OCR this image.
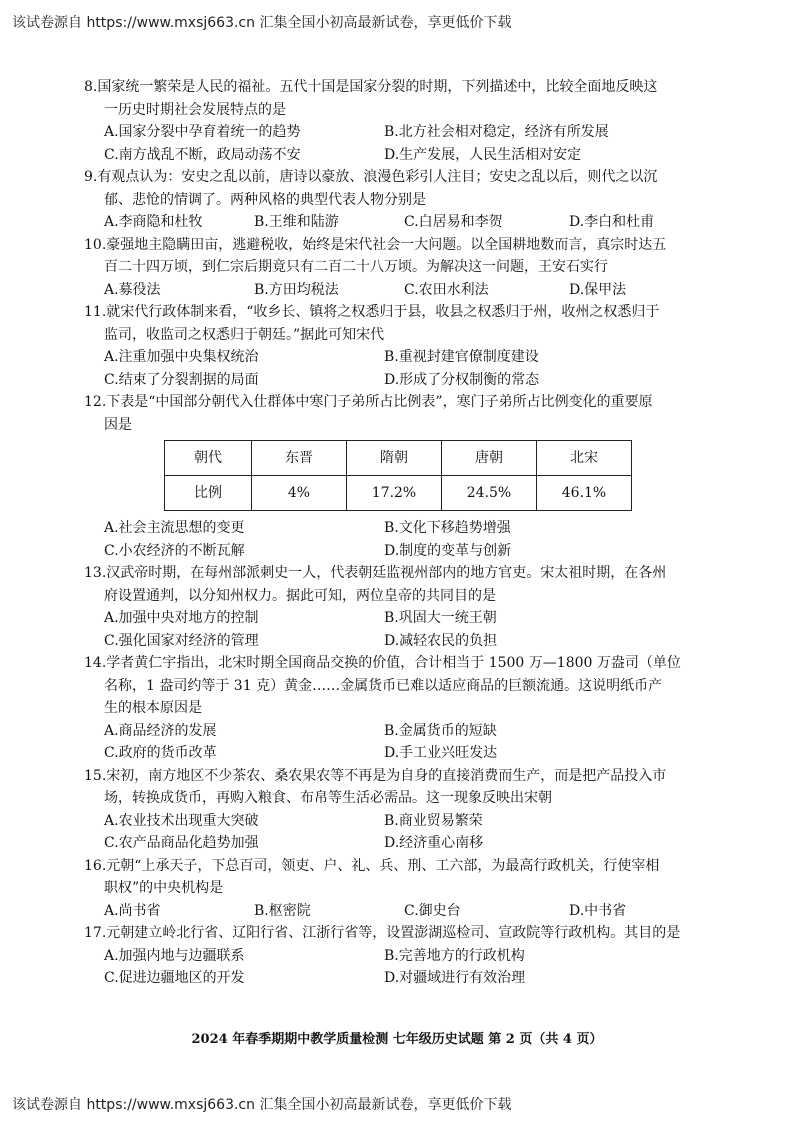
该试卷源自 https://www.mxsj663.cn 汇集全国小初高最新试卷，享更低价下载
8.国家统一繁荣是人民的福祉。五代十国是国家分裂的时期，下列描述中，比较全面地反映这
一历史时期社会发展特点的是
A.国家分裂中孕育着统一的趋势	B.北方社会相对稳定，经济有所发展
C.南方战乱不断，政局动荡不安	D.生产发展，人民生活相对安定
9.有观点认为：安史之乱以前，唐诗以豪放、浪漫色彩引人注目；安史之乱以后，则代之以沉
郁、悲怆的情调了。两种风格的典型代表人物分别是
A.李商隐和杜牧	B.王维和陆游	C.白居易和李贺	D.李白和杜甫
10.豪强地主隐瞒田亩，逃避税收，始终是宋代社会一大问题。以全国耕地数而言，真宗时达五
百二十四万顷，到仁宗后期竟只有二百二十八万顷。为解决这一问题，王安石实行
A.募役法	B.方田均税法	C.农田水利法	D.保甲法
11.就宋代行政体制来看，“收乡长、镇将之权悉归于县，收县之权悉归于州，收州之权悉归于
监司，收监司之权悉归于朝廷。”据此可知宋代
A.注重加强中央集权统治	B.重视封建官僚制度建设
C.结束了分裂割据的局面	D.形成了分权制衡的常态
12.下表是“中国部分朝代入仕群体中寒门子弟所占比例表”，寒门子弟所占比例变化的重要原
因是
朝代	东晋	隋朝	唐朝	北宋
比例	4%	17.2%	24.5%	46.1%
A.社会主流思想的变更	B.文化下移趋势增强
C.小农经济的不断瓦解	D.制度的变革与创新
13.汉武帝时期，在每州部派刺史一人，代表朝廷监视州部内的地方官吏。宋太祖时期，在各州
府设置通判，以分知州权力。据此可知，两位皇帝的共同目的是
A.加强中央对地方的控制	B.巩固大一统王朝
C.强化国家对经济的管理	D.减轻农民的负担
14.学者黄仁宇指出，北宋时期全国商品交换的价值，合计相当于 1500 万—1800 万盎司（单位
名称，1 盎司约等于 31 克）黄金……金属货币已难以适应商品的巨额流通。这说明纸币产
生的根本原因是
A.商品经济的发展	B.金属货币的短缺
C.政府的货币改革	D.手工业兴旺发达
15.宋初，南方地区不少茶农、桑农果农等不再是为自身的直接消费而生产，而是把产品投入市
场，转换成货币，再购入粮食、布帛等生活必需品。这一现象反映出宋朝
A.农业技术出现重大突破	B.商业贸易繁荣
C.农产品商品化趋势加强	D.经济重心南移
16.元朝“上承天子，下总百司，领吏、户、礼、兵、刑、工六部，为最高行政机关，行使宰相
职权”的中央机构是
A.尚书省	B.枢密院	C.御史台	D.中书省
17.元朝建立岭北行省、辽阳行省、江浙行省等，设置澎湖巡检司、宣政院等行政机构。其目的是
A.加强内地与边疆联系	B.完善地方的行政机构
C.促进边疆地区的开发	D.对疆域进行有效治理
2024 年春季期期中教学质量检测 七年级历史试题 第 2 页（共 4 页）
该试卷源自 https://www.mxsj663.cn 汇集全国小初高最新试卷，享更低价下载
